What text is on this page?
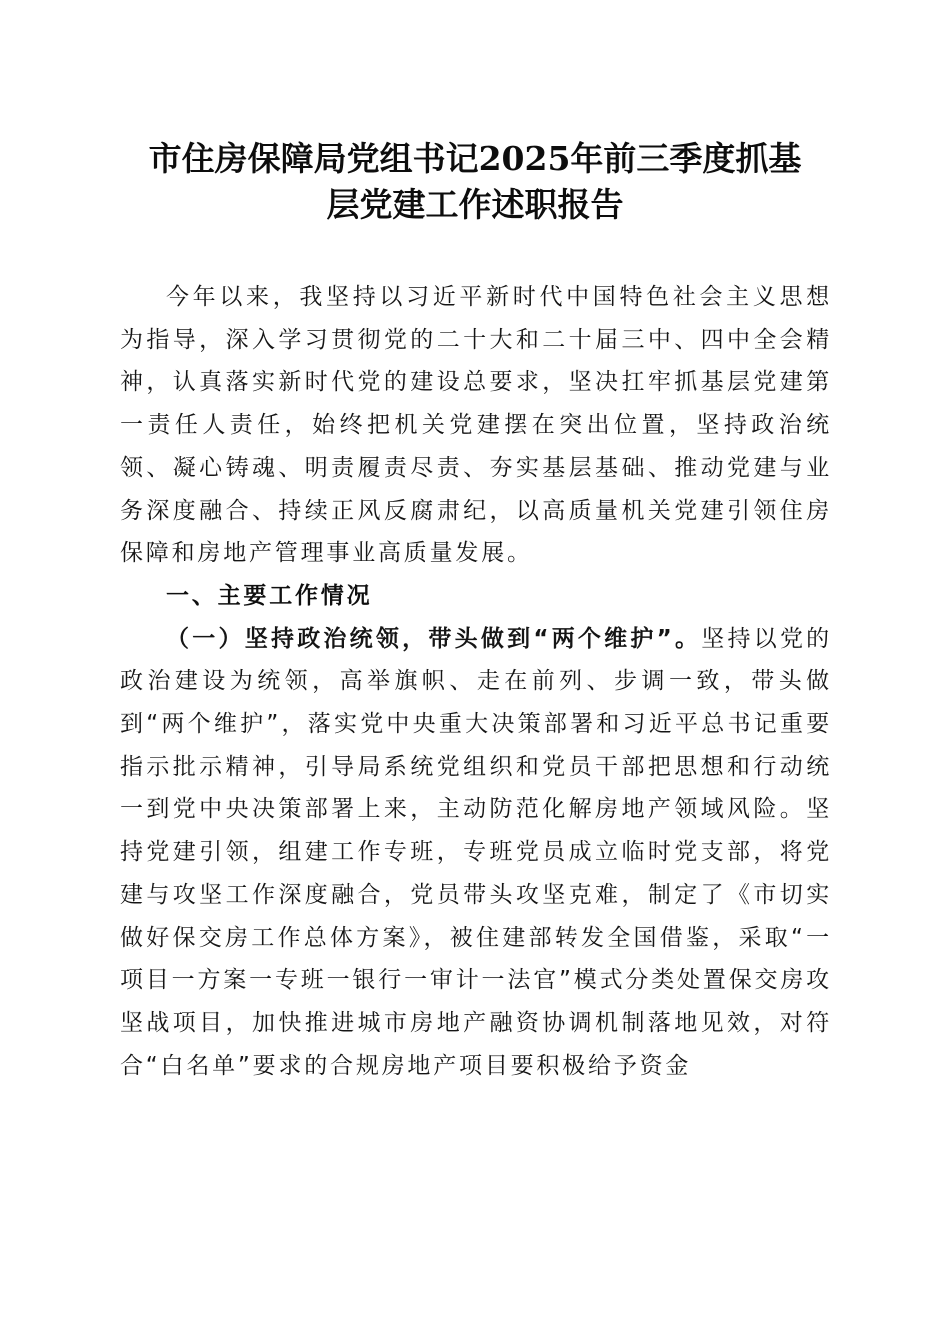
市住房保障局党组书记2025年前三季度抓基
层党建工作述职报告

今年以来，我坚持以习近平新时代中国特色社会主义思想为指导，深入学习贯彻党的二十大和二十届三中、四中全会精神，认真落实新时代党的建设总要求，坚决扛牢抓基层党建第一责任人责任，始终把机关党建摆在突出位置，坚持政治统领、凝心铸魂、明责履责尽责、夯实基层基础、推动党建与业务深度融合、持续正风反腐肃纪，以高质量机关党建引领住房保障和房地产管理事业高质量发展。

一、主要工作情况

（一）坚持政治统领，带头做到“两个维护”。坚持以党的政治建设为统领，高举旗帜、走在前列、步调一致，带头做到“两个维护”，落实党中央重大决策部署和习近平总书记重要指示批示精神，引导局系统党组织和党员干部把思想和行动统一到党中央决策部署上来，主动防范化解房地产领域风险。坚持党建引领，组建工作专班，专班党员成立临时党支部，将党建与攻坚工作深度融合，党员带头攻坚克难，制定了《市切实做好保交房工作总体方案》，被住建部转发全国借鉴，采取“一项目一方案一专班一银行一审计一法官”模式分类处置保交房攻坚战项目，加快推进城市房地产融资协调机制落地见效，对符合“白名单”要求的合规房地产项目要积极给予资金
